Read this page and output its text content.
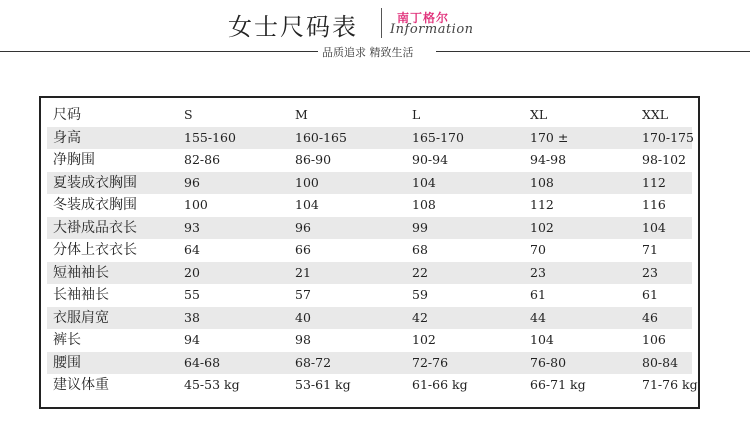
女士尺码表	南丁格尔
Information
品质追求 精致生活
尺码	S	M	L	XL	XXL
身高	155-160	160-165	165-170	170 ±	170-175
净胸围	82-86	86-90	90-94	94-98	98-102
夏装成衣胸围	96	100	104	108	112
冬装成衣胸围	100	104	108	112	116
大褂成品衣长	93	96	99	102	104
分体上衣衣长	64	66	68	70	71
短袖袖长	20	21	22	23	23
长袖袖长	55	57	59	61	61
衣服肩宽	38	40	42	44	46
裤长	94	98	102	104	106
腰围	64-68	68-72	72-76	76-80	80-84
建议体重	45-53 kg	53-61 kg	61-66 kg	66-71 kg	71-76 kg
